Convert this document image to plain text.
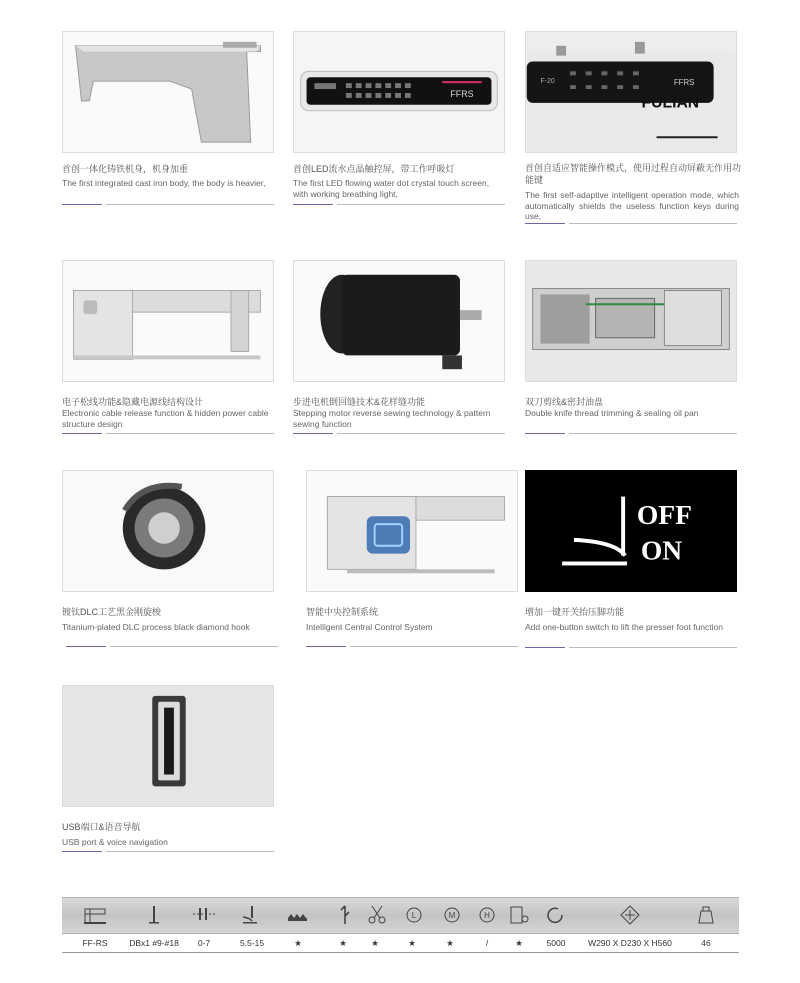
首创一体化铸铁机身，机身加重
The first integrated cast iron body, the body is heavier,
FFRS
首创LED流水点晶触控屏，带工作呼吸灯
The first LED flowing water dot crystal touch screen, with working breathing light,
F-20	FFRS
FULIAN
首创自适应智能操作模式，使用过程自动屏蔽无作用功能键
The first self-adaptive intelligent operation mode, which automatically shields the useless function keys during use,
电子松线功能&隐藏电源线结构设计
Electronic cable release function & hidden power cable structure design
步进电机倒回缝技术&花样缝功能
Stepping motor reverse sewing technology & pattern sewing function
双刀剪线&密封油盘
Double knife thread trimming & sealing oil pan
镀钛DLC工艺黑金刚旋梭
Titanium-plated DLC process black diamond hook
智能中央控制系统
Intelligent Central Control System
OFF
ON
增加一键开关抬压脚功能
Add one-button switch to lift the presser foot function
USB端口&语音导航
USB port & voice navigation
L	M	H
FF-RS	DBx1 #9-#18 0-7	5.5-15	★	★	★	★	★	/	★	5000	W290 X D230 X H560	46
